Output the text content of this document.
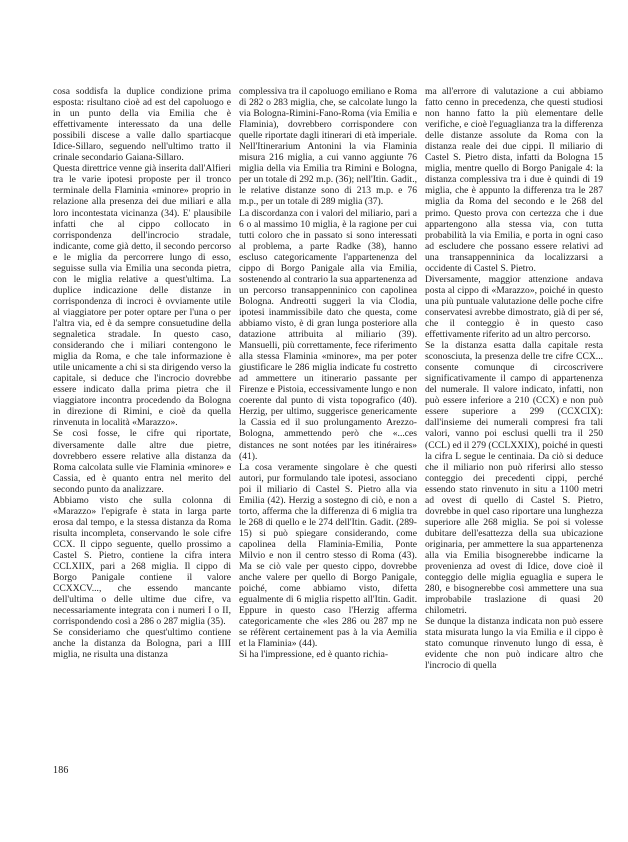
cosa soddisfa la duplice condizione prima esposta: risultano cioè ad est del capoluogo e in un punto della via Emilia che è effettivamente interessato da una delle possibili discese a valle dallo spartiacque Idice-Sillaro, seguendo nell'ultimo tratto il crinale secondario Gaiana-Sillaro.

Questa direttrice venne già inserita dall'Alfieri tra le varie ipotesi proposte per il tronco terminale della Flaminia «minore» proprio in relazione alla presenza dei due miliari e alla loro incontestata vicinanza (34). E' plausibile infatti che al cippo collocato in corrispondenza dell'incrocio stradale, indicante, come già detto, il secondo percorso e le miglia da percorrere lungo di esso, seguisse sulla via Emilia una seconda pietra, con le miglia relative a quest'ultima. La duplice indicazione delle distanze in corrispondenza di incroci è ovviamente utile al viaggiatore per poter optare per l'una o per l'altra via, ed è da sempre consuetudine della segnaletica stradale. In questo caso, considerando che i miliari contengono le miglia da Roma, e che tale informazione è utile unicamente a chi si sta dirigendo verso la capitale, si deduce che l'incrocio dovrebbe essere indicato dalla prima pietra che il viaggiatore incontra procedendo da Bologna in direzione di Rimini, e cioè da quella rinvenuta in località «Marazzo».

Se così fosse, le cifre qui riportate, diversamente dalle altre due pietre, dovrebbero essere relative alla distanza da Roma calcolata sulle vie Flaminia «minore» e Cassia, ed è quanto entra nel merito del secondo punto da analizzare.

Abbiamo visto che sulla colonna di «Marazzo» l'epigrafe è stata in larga parte erosa dal tempo, e la stessa distanza da Roma risulta incompleta, conservando le sole cifre CCX. Il cippo seguente, quello prossimo a Castel S. Pietro, contiene la cifra intera CCLXIIX, pari a 268 miglia. Il cippo di Borgo Panigale contiene il valore CCXXCV..., che essendo mancante dell'ultima o delle ultime due cifre, va necessariamente integrata con i numeri I o II, corrispondendo così a 286 o 287 miglia (35).

Se consideriamo che quest'ultimo contiene anche la distanza da Bologna, pari a IIII miglia, ne risulta una distanza

complessiva tra il capoluogo emiliano e Roma di 282 o 283 miglia, che, se calcolate lungo la via Bologna-Rimini-Fano-Roma (via Emilia e Flaminia), dovrebbero corrispondere con quelle riportate dagli itinerari di età imperiale. Nell'Itinerarium Antonini la via Flaminia misura 216 miglia, a cui vanno aggiunte 76 miglia della via Emilia tra Rimini e Bologna, per un totale di 292 m.p. (36); nell'Itin. Gadit., le relative distanze sono di 213 m.p. e 76 m.p., per un totale di 289 miglia (37).

La discordanza con i valori del miliario, pari a 6 o al massimo 10 miglia, è la ragione per cui tutti coloro che in passato si sono interessati al problema, a parte Radke (38), hanno escluso categoricamente l'appartenenza del cippo di Borgo Panigale alla via Emilia, sostenendo al contrario la sua appartenenza ad un percorso transappenninico con capolinea Bologna. Andreotti suggerì la via Clodia, ipotesi inammissibile dato che questa, come abbiamo visto, è di gran lunga posteriore alla datazione attribuita al miliario (39). Mansuelli, più correttamente, fece riferimento alla stessa Flaminia «minore», ma per poter giustificare le 286 miglia indicate fu costretto ad ammettere un itinerario passante per Firenze e Pistoia, eccessivamente lungo e non coerente dal punto di vista topografico (40). Herzig, per ultimo, suggerisce genericamente la Cassia ed il suo prolungamento Arezzo-Bologna, ammettendo però che «...ces distances ne sont notées par les itinéraires» (41).

La cosa veramente singolare è che questi autori, pur formulando tale ipotesi, associano poi il miliario di Castel S. Pietro alla via Emilia (42). Herzig a sostegno di ciò, e non a torto, afferma che la differenza di 6 miglia tra le 268 di quello e le 274 dell'Itin. Gadit. (289-15) si può spiegare considerando, come capolinea della Flaminia-Emilia, Ponte Milvio e non il centro stesso di Roma (43). Ma se ciò vale per questo cippo, dovrebbe anche valere per quello di Borgo Panigale, poiché, come abbiamo visto, difetta egualmente di 6 miglia rispetto all'Itin. Gadit. Eppure in questo caso l'Herzig afferma categoricamente che «les 286 ou 287 mp ne se réfèrent certainement pas à la via Aemilia et la Flaminia» (44).

Si ha l'impressione, ed è quanto richia-

ma all'errore di valutazione a cui abbiamo fatto cenno in precedenza, che questi studiosi non hanno fatto la più elementare delle verifiche, e cioè l'eguaglianza tra la differenza delle distanze assolute da Roma con la distanza reale dei due cippi. Il miliario di Castel S. Pietro dista, infatti da Bologna 15 miglia, mentre quello di Borgo Panigale 4: la distanza complessiva tra i due è quindi di 19 miglia, che è appunto la differenza tra le 287 miglia da Roma del secondo e le 268 del primo. Questo prova con certezza che i due appartengono alla stessa via, con tutta probabilità la via Emilia, e porta in ogni caso ad escludere che possano essere relativi ad una transappenninica da localizzarsi a occidente di Castel S. Pietro.

Diversamente, maggior attenzione andava posta al cippo di «Marazzo», poiché in questo una più puntuale valutazione delle poche cifre conservatesi avrebbe dimostrato, già di per sé, che il conteggio è in questo caso effettivamente riferito ad un altro percorso.

Se la distanza esatta dalla capitale resta sconosciuta, la presenza delle tre cifre CCX... consente comunque di circoscrivere significativamente il campo di appartenenza del numerale. Il valore indicato, infatti, non può essere inferiore a 210 (CCX) e non può essere superiore a 299 (CCXCIX): dall'insieme dei numerali compresi fra tali valori, vanno poi esclusi quelli tra il 250 (CCL) ed il 279 (CCLXXIX), poiché in questi la cifra L segue le centinaia. Da ciò si deduce che il miliario non può riferirsi allo stesso conteggio dei precedenti cippi, perché essendo stato rinvenuto in situ a 1100 metri ad ovest di quello di Castel S. Pietro, dovrebbe in quel caso riportare una lunghezza superiore alle 268 miglia. Se poi si volesse dubitare dell'esattezza della sua ubicazione originaria, per ammettere la sua appartenenza alla via Emilia bisognerebbe indicarne la provenienza ad ovest di Idice, dove cioè il conteggio delle miglia eguaglia e supera le 280, e bisognerebbe così ammettere una sua improbabile traslazione di quasi 20 chilometri.

Se dunque la distanza indicata non può essere stata misurata lungo la via Emilia e il cippo è stato comunque rinvenuto lungo di essa, è evidente che non può indicare altro che l'incrocio di quella

186
